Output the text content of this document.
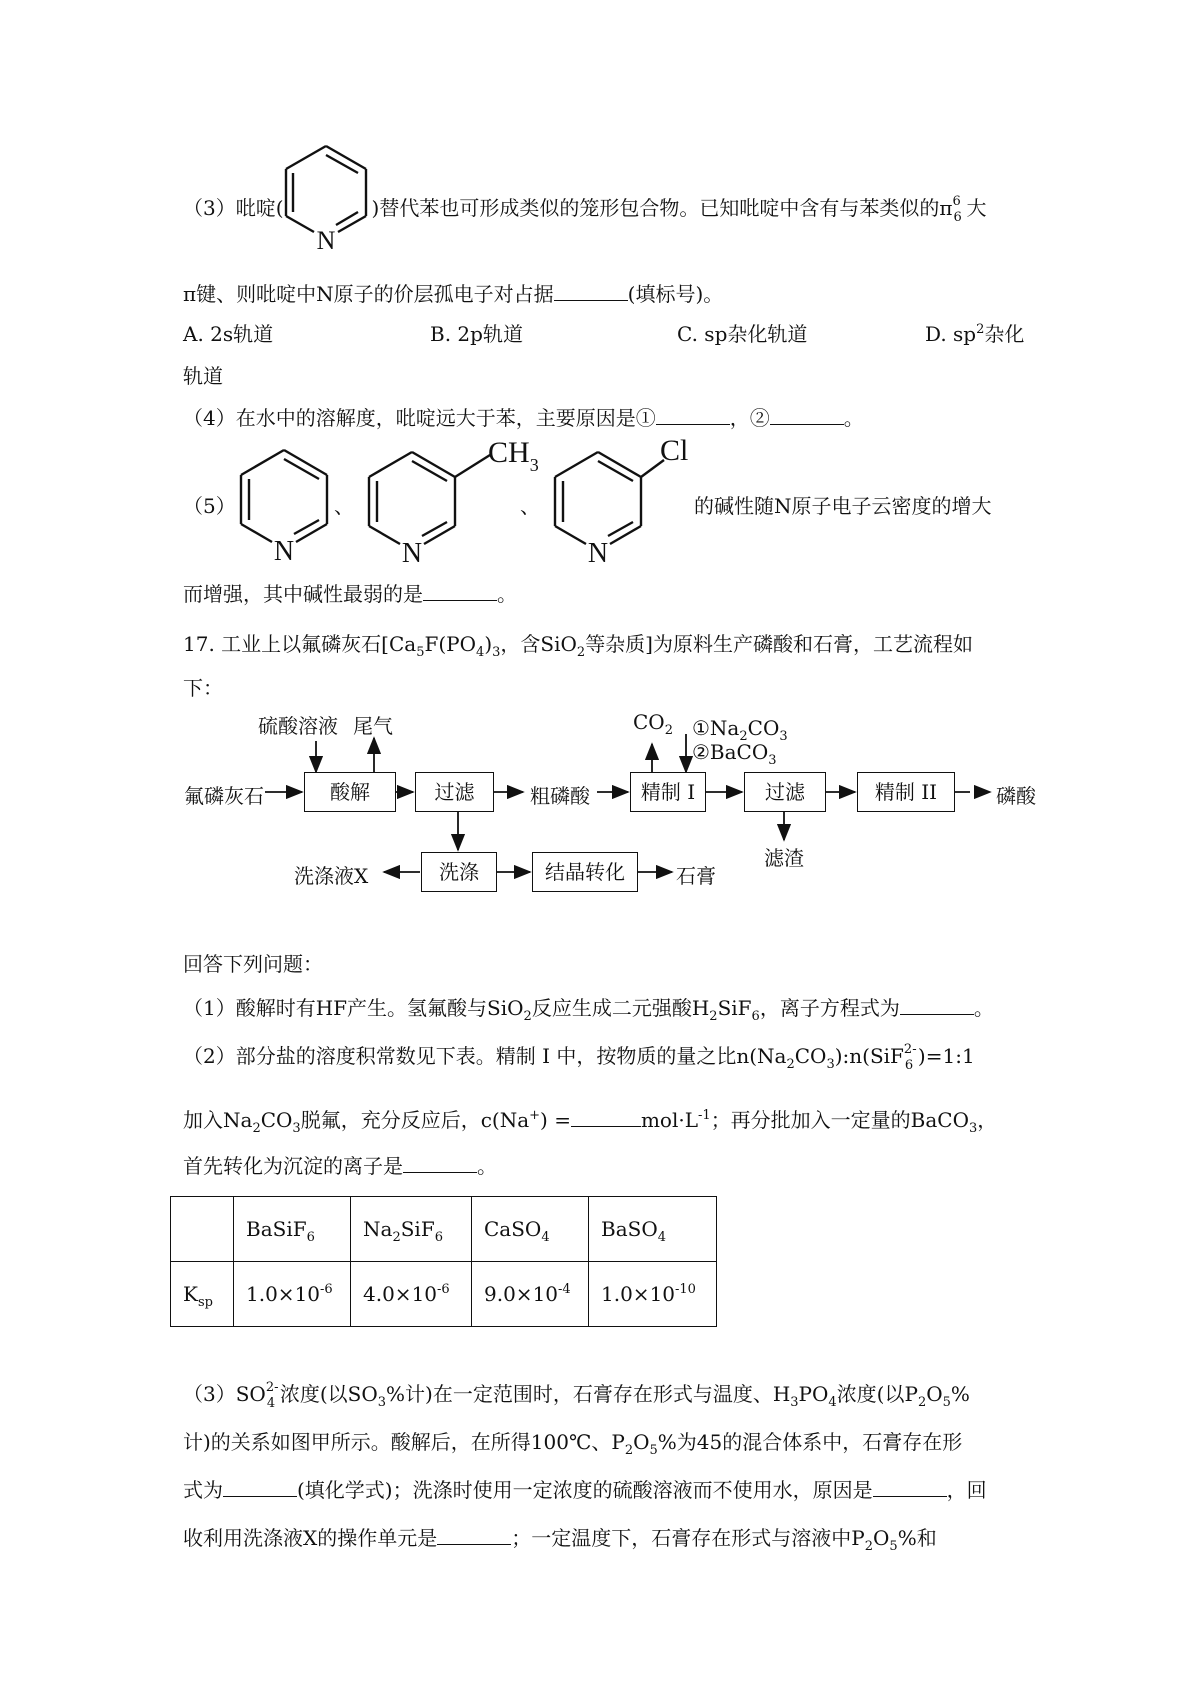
（3）吡啶(	)替代苯也可形成类似的笼形包合物。已知吡啶中含有与苯类似的π 6
6 大
N
π键、则吡啶中N原子的价层孤电子对占据	(填标号)。
A. 2s轨道	B. 2p轨道	C. sp杂化轨道	D. $sp^2$杂化
轨道
（4）在水中的溶解度，吡啶远大于苯，主要原因是①	，②	。
（5）
N
、
N
$CH_3$
、
N
Cl
的碱性随N原子电子云密度的增大
而增强，其中碱性最弱的是	。
17. 工业上以氟磷灰石[$Ca_5F(PO_4)_3$，含SiO$_2$等杂质]为原料生产磷酸和石膏，工艺流程如
下：
氟磷灰石
硫酸溶液 尾气
酸解	过滤	粗磷酸	精制 I
$CO_2$ $①Na_2CO_3$
②BaCO$_3$
过滤
滤渣
精制 II	磷酸
洗涤液X	洗涤	结晶转化	石膏
回答下列问题：
（1）酸解时有HF产生。氢氟酸与SiO$_2$反应生成二元强酸$H_2SiF_6$，离子方程式为	。
（2）部分盐的溶度积常数见下表。精制 I 中，按物质的量之比$n(Na_2CO_3):n(SiF$ 2-
6 )=1:1
加入$Na_2CO_3$脱氟，充分反应后，c(Na+) =	$mol\cdot L^{-1}$；再分批加入一定量的BaCO$_3$，
首先转化为沉淀的离子是	。
	BaSiF$_6$	$Na_2SiF_6$	CaSO$_4$	BaSO$_4$
$K_{sp}$	$1.0\times 10^{-6}$	$4.0\times 10^{-6}$	$9.0\times 10^{-4}$	$1.0\times 10^{-10}$
（3）SO 2-
4 浓度(以$SO_3\%$计)在一定范围时，石膏存在形式与温度、$H_3PO_4$浓度(以$P_2O_5\%$
计)的关系如图甲所示。酸解后，在所得100℃、$P_2O_5\%$为45的混合体系中，石膏存在形
式为	(填化学式)；洗涤时使用一定浓度的硫酸溶液而不使用水，原因是	，回
收利用洗涤液X的操作单元是	；一定温度下，石膏存在形式与溶液中$P_2O_5\%$和
